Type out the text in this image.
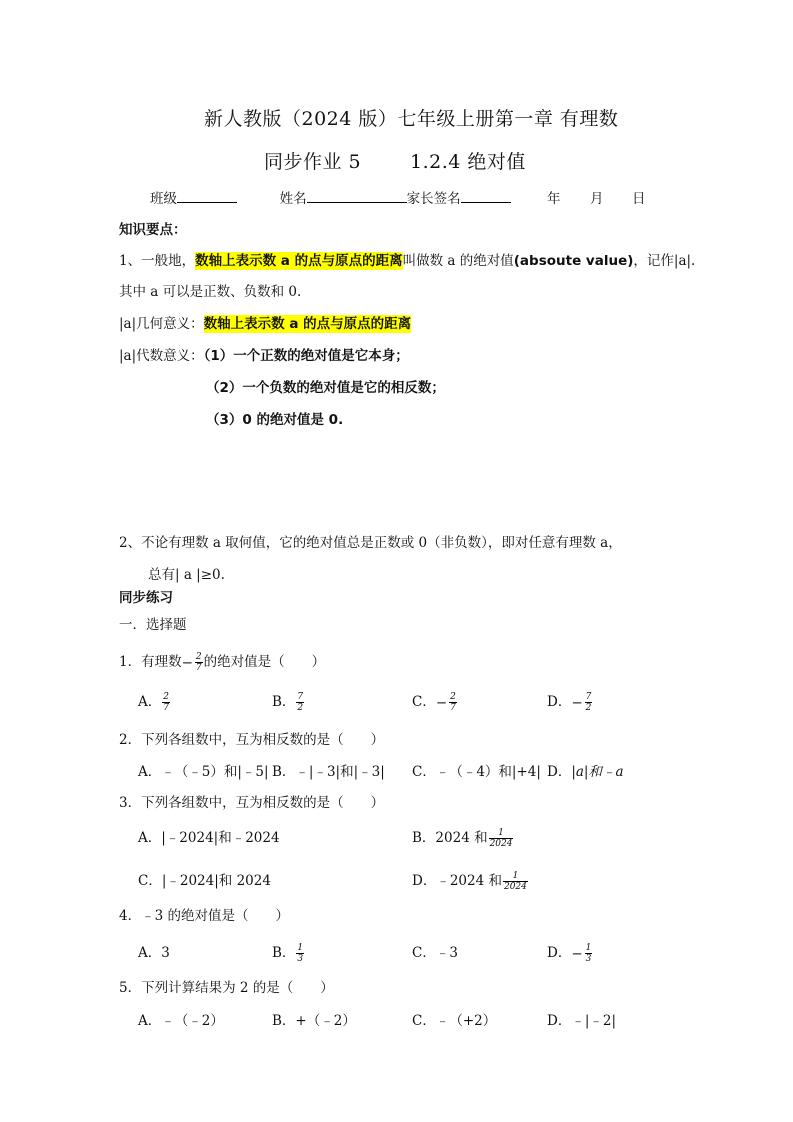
新人教版（2024 版）七年级上册第一章 有理数
同步作业 5	1.2.4 绝对值
班级	姓名	家长签名	年 月 日
知识要点：
1、一般地，数轴上表示数 a 的点与原点的距离叫做数 a 的绝对值(absoute value)，记作|a|.
其中 a 可以是正数、负数和 0.
|a|几何意义：数轴上表示数 a 的点与原点的距离
|a|代数意义：（1）一个正数的绝对值是它本身；
（2）一个负数的绝对值是它的相反数；
（3）0 的绝对值是 0.
2、不论有理数 a 取何值，它的绝对值总是正数或 0（非负数），即对任意有理数 a，
总有| a |≥0.
同步练习
一．选择题
1．有理数− $\frac{2}{7}$ 的绝对值是（　　）
A． $\frac{2}{7}$	B． $\frac{7}{2}$	C．− $\frac{2}{7}$	D．− $\frac{7}{2}$
2．下列各组数中，互为相反数的是（　　）
A．﹣（﹣5）和|﹣5| B．﹣|﹣3|和|﹣3| C．﹣（﹣4）和|+4| D．|a|和﹣a
3．下列各组数中，互为相反数的是（　　）
A．|﹣2024|和﹣2024	B．2024 和 $\frac{1}{2024}$
C．|﹣2024|和 2024	D．﹣2024 和 $\frac{1}{2024}$
4．﹣3 的绝对值是（　　）
A．3	B． $\frac{1}{3}$	C．﹣3	D．− $\frac{1}{3}$
5．下列计算结果为 2 的是（　　）
A．﹣（﹣2）	B．+（﹣2）	C．﹣（+2）	D．﹣|﹣2|
